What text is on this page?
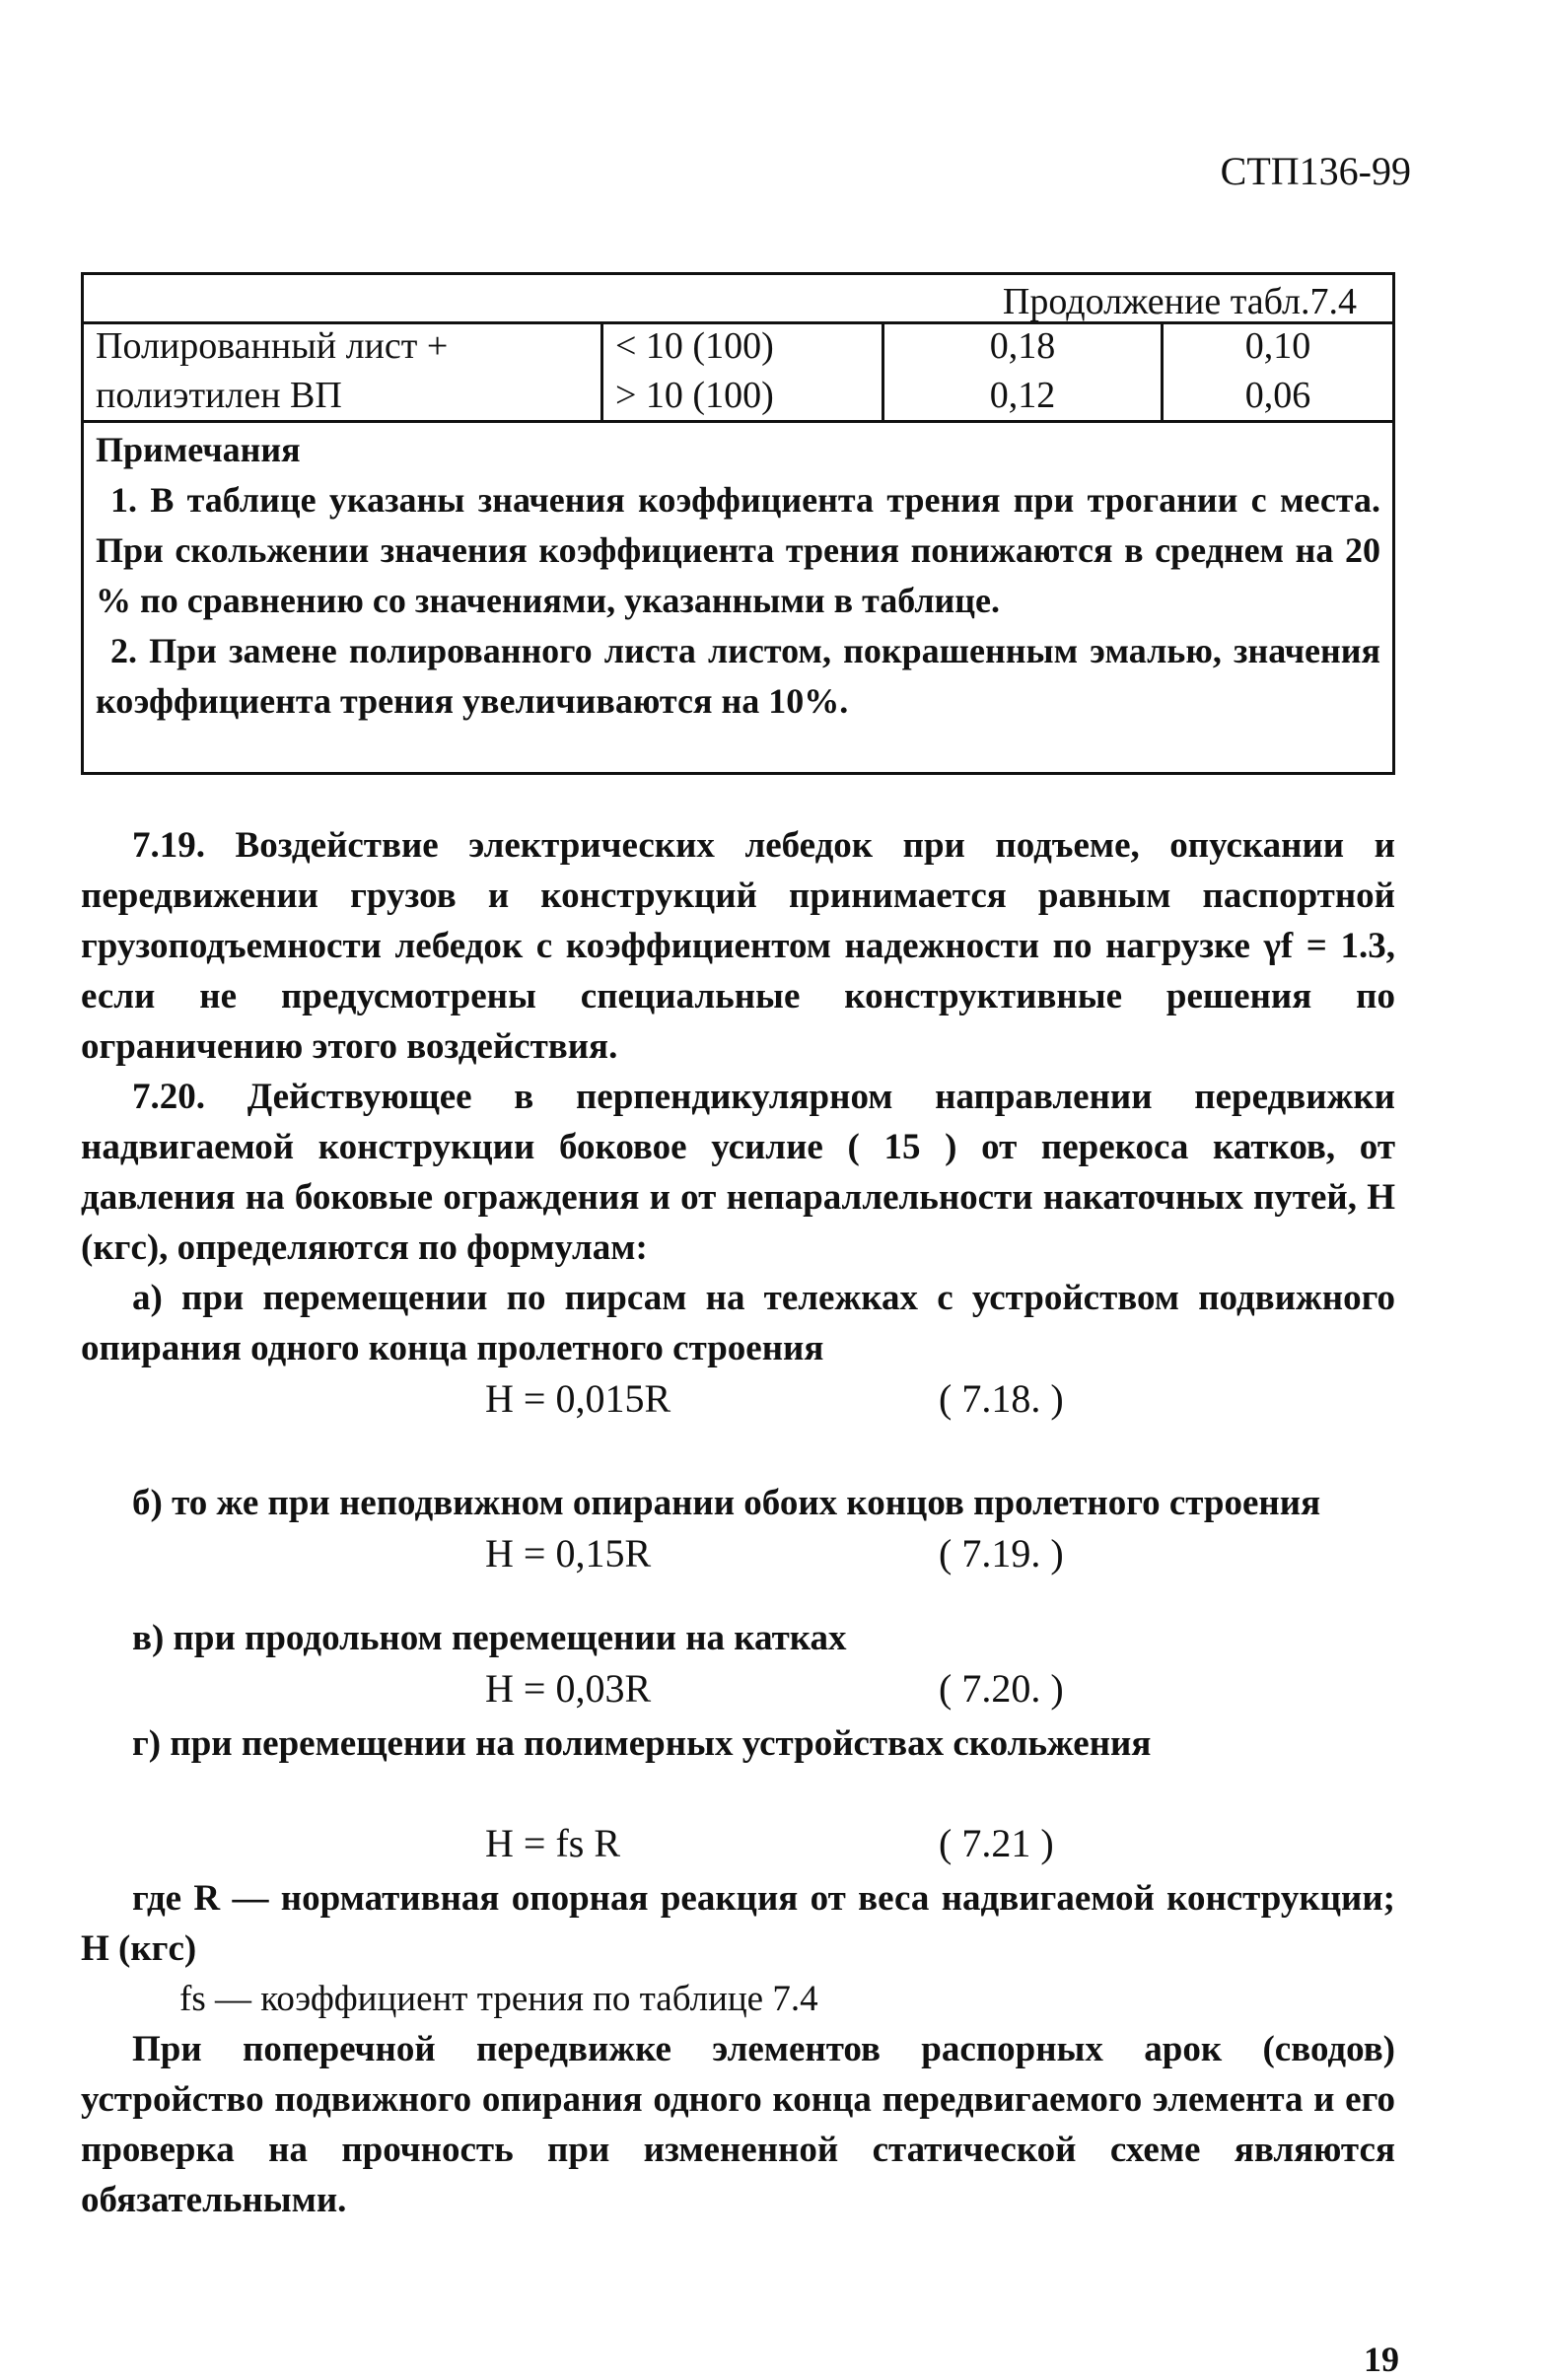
СТП136-99
Продолжение табл.7.4
Полированный лист +	< 10 (100)	0,18	0,10
полиэтилен ВП	> 10 (100)	0,12	0,06

Примечания

1. В таблице указаны значения коэффициента трения при трогании с места. При скольжении значения коэффициента трения понижаются в среднем на 20 % по сравнению со значениями, указанными в таблице.

2. При замене полированного листа листом, покрашенным эмалью, значения коэффициента трения увеличиваются на 10%.

7.19. Воздействие электрических лебедок при подъеме, опускании и передвижении грузов и конструкций принимается равным паспортной грузоподъемности лебедок с коэффициентом надежности по нагрузке γf = 1.3, если не предусмотрены специальные конструктивные решения по ограничению этого воздействия.

7.20. Действующее в перпендикулярном направлении передвижки надвигаемой конструкции боковое усилие ( 15 ) от перекоса катков, от давления на боковые ограждения и от непараллельности накаточных путей, Н (кгс), определяются по формулам:

а) при перемещении по пирсам на тележках с устройством подвижного опирания одного конца пролетного строения

H = 0,015R	( 7.18. )

б) то же при неподвижном опирании обоих концов пролетного строения

H = 0,15R	( 7.19. )

в) при продольном перемещении на катках

H = 0,03R	( 7.20. )

г) при перемещении на полимерных устройствах скольжения

H = fs R	( 7.21 )

где R — нормативная опорная реакция от веса надвигаемой конструкции; Н (кгс)

fs — коэффициент трения по таблице 7.4

При поперечной передвижке элементов распорных арок (сводов) устройство подвижного опирания одного конца передвигаемого элемента и его проверка на прочность при измененной статической схеме являются обязательными.

19
